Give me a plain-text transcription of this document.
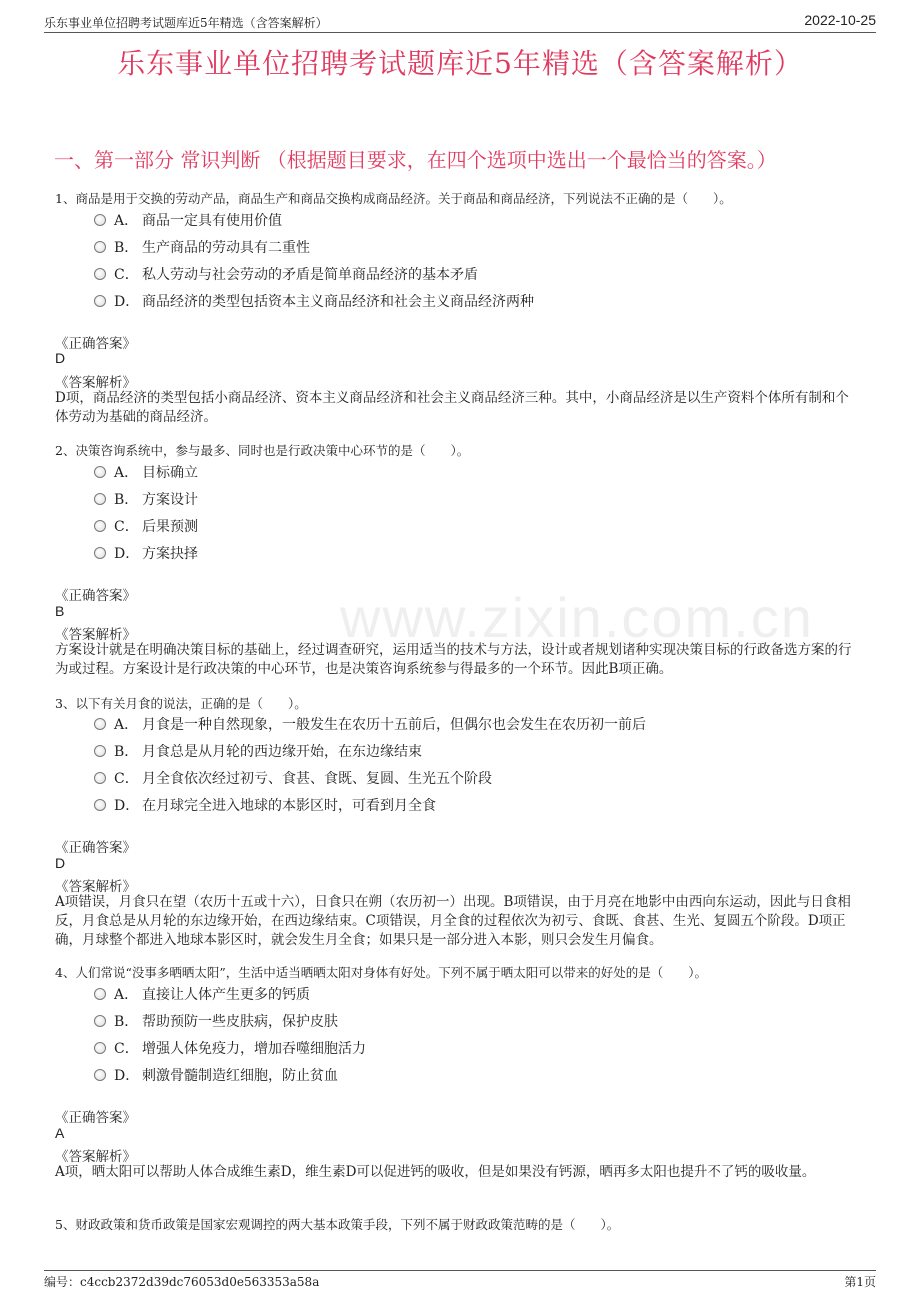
乐东事业单位招聘考试题库近5年精选（含答案解析）	2022-10-25
乐东事业单位招聘考试题库近5年精选（含答案解析）
一、第一部分 常识判断 （根据题目要求，在四个选项中选出一个最恰当的答案。）
www.zixin.com.cn
1、商品是用于交换的劳动产品，商品生产和商品交换构成商品经济。关于商品和商品经济，下列说法不正确的是（　　）。
A． 商品一定具有使用价值
B． 生产商品的劳动具有二重性
C． 私人劳动与社会劳动的矛盾是简单商品经济的基本矛盾
D． 商品经济的类型包括资本主义商品经济和社会主义商品经济两种
《正确答案》
D
《答案解析》
D项，商品经济的类型包括小商品经济、资本主义商品经济和社会主义商品经济三种。其中，小商品经济是以生产资料个体所有制和个体劳动为基础的商品经济。
2、决策咨询系统中，参与最多、同时也是行政决策中心环节的是（　　）。
A． 目标确立
B． 方案设计
C． 后果预测
D． 方案抉择
《正确答案》
B
《答案解析》
方案设计就是在明确决策目标的基础上，经过调查研究，运用适当的技术与方法，设计或者规划诸种实现决策目标的行政备选方案的行为或过程。方案设计是行政决策的中心环节，也是决策咨询系统参与得最多的一个环节。因此B项正确。
3、以下有关月食的说法，正确的是（　　）。
A． 月食是一种自然现象，一般发生在农历十五前后，但偶尔也会发生在农历初一前后
B． 月食总是从月轮的西边缘开始，在东边缘结束
C． 月全食依次经过初亏、食甚、食既、复圆、生光五个阶段
D． 在月球完全进入地球的本影区时，可看到月全食
《正确答案》
D
《答案解析》
A项错误，月食只在望（农历十五或十六），日食只在朔（农历初一）出现。B项错误，由于月亮在地影中由西向东运动，因此与日食相反，月食总是从月轮的东边缘开始，在西边缘结束。C项错误，月全食的过程依次为初亏、食既、食甚、生光、复圆五个阶段。D项正确，月球整个都进入地球本影区时，就会发生月全食；如果只是一部分进入本影，则只会发生月偏食。
4、人们常说“没事多晒晒太阳”，生活中适当晒晒太阳对身体有好处。下列不属于晒太阳可以带来的好处的是（　　）。
A． 直接让人体产生更多的钙质
B． 帮助预防一些皮肤病，保护皮肤
C． 增强人体免疫力，增加吞噬细胞活力
D． 刺激骨髓制造红细胞，防止贫血
《正确答案》
A
《答案解析》
A项，晒太阳可以帮助人体合成维生素D，维生素D可以促进钙的吸收，但是如果没有钙源，晒再多太阳也提升不了钙的吸收量。
5、财政政策和货币政策是国家宏观调控的两大基本政策手段，下列不属于财政政策范畴的是（　　）。
编号：c4ccb2372d39dc76053d0e563353a58a	第1页
